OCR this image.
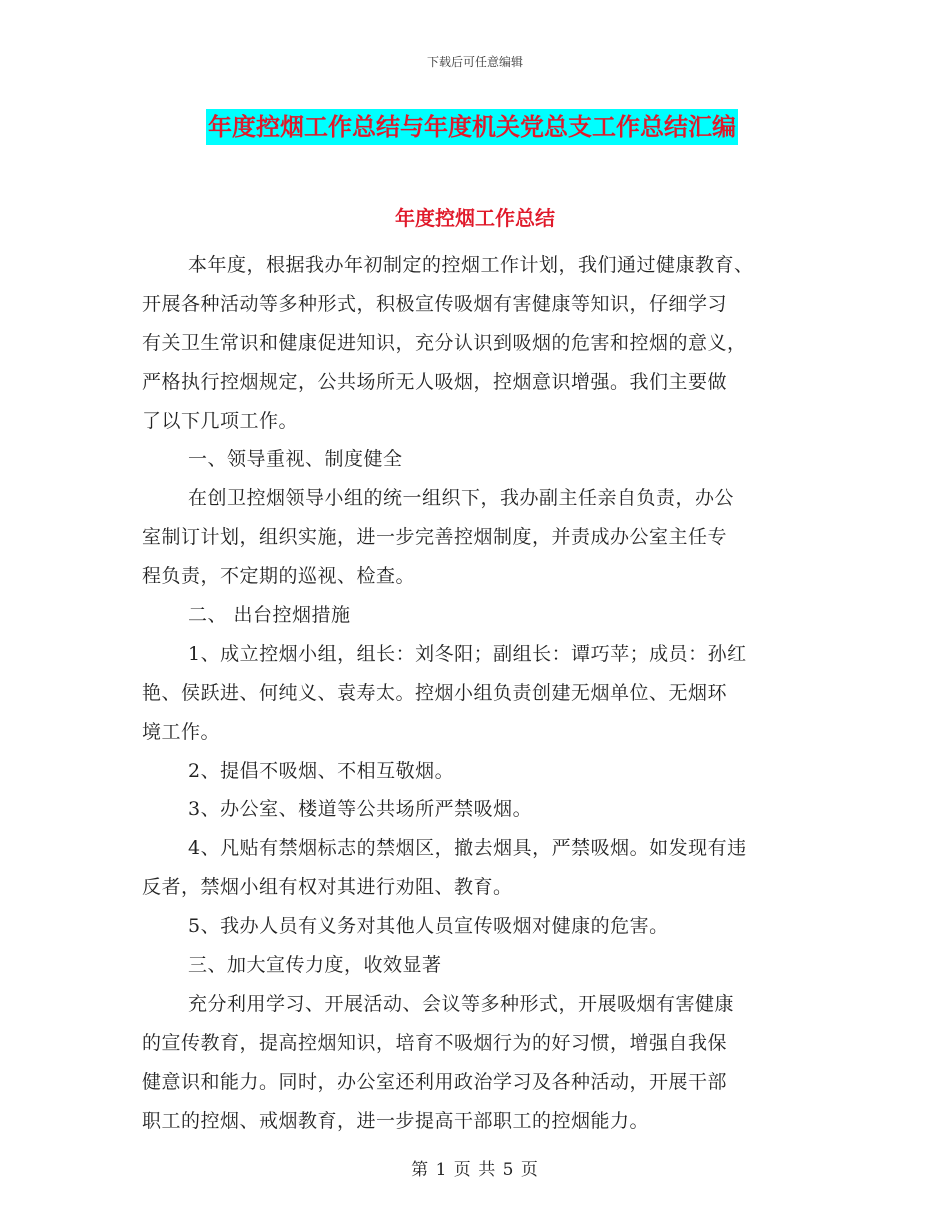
下载后可任意编辑
年度控烟工作总结与年度机关党总支工作总结汇编
年度控烟工作总结
本年度，根据我办年初制定的控烟工作计划，我们通过健康教育、
开展各种活动等多种形式，积极宣传吸烟有害健康等知识，仔细学习
有关卫生常识和健康促进知识，充分认识到吸烟的危害和控烟的意义，
严格执行控烟规定，公共场所无人吸烟，控烟意识增强。我们主要做
了以下几项工作。
一、领导重视、制度健全
在创卫控烟领导小组的统一组织下，我办副主任亲自负责，办公
室制订计划，组织实施，进一步完善控烟制度，并责成办公室主任专
程负责，不定期的巡视、检查。
二、 出台控烟措施
1、成立控烟小组，组长：刘冬阳；副组长：谭巧苹；成员：孙红
艳、侯跃进、何纯义、袁寿太。控烟小组负责创建无烟单位、无烟环
境工作。
2、提倡不吸烟、不相互敬烟。
3、办公室、楼道等公共场所严禁吸烟。
4、凡贴有禁烟标志的禁烟区，撤去烟具，严禁吸烟。如发现有违
反者，禁烟小组有权对其进行劝阻、教育。
5、我办人员有义务对其他人员宣传吸烟对健康的危害。
三、加大宣传力度，收效显著
充分利用学习、开展活动、会议等多种形式，开展吸烟有害健康
的宣传教育，提高控烟知识，培育不吸烟行为的好习惯，增强自我保
健意识和能力。同时，办公室还利用政治学习及各种活动，开展干部
职工的控烟、戒烟教育，进一步提高干部职工的控烟能力。
第 1 页 共 5 页
